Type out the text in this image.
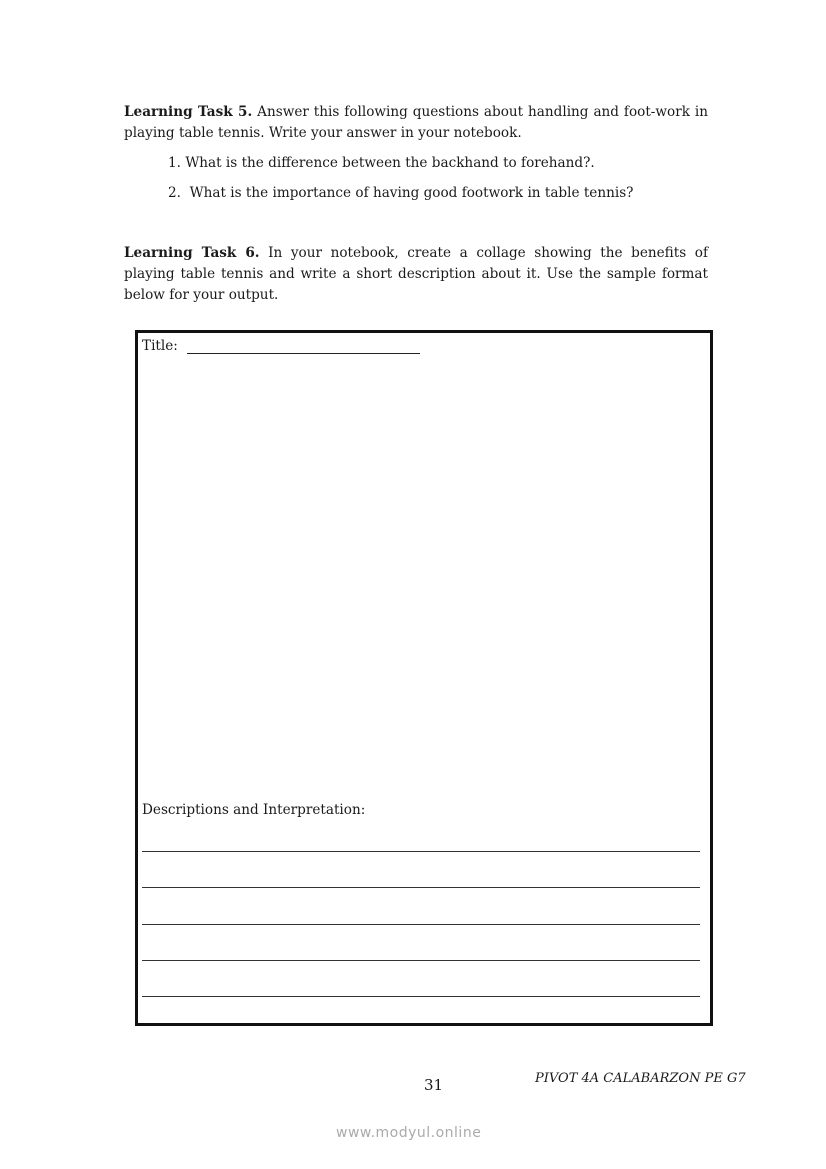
Learning Task 5. Answer this following questions about handling and foot-work in playing table tennis. Write your answer in your notebook.
1. What is the difference between the backhand to forehand?.
2. What is the importance of having good footwork in table tennis?
Learning Task 6. In your notebook, create a collage showing the benefits of playing table tennis and write a short description about it. Use the sample format below for your output.
Title:
Descriptions and Interpretation:
31	PIVOT 4A CALABARZON PE G7
www.modyul.online
